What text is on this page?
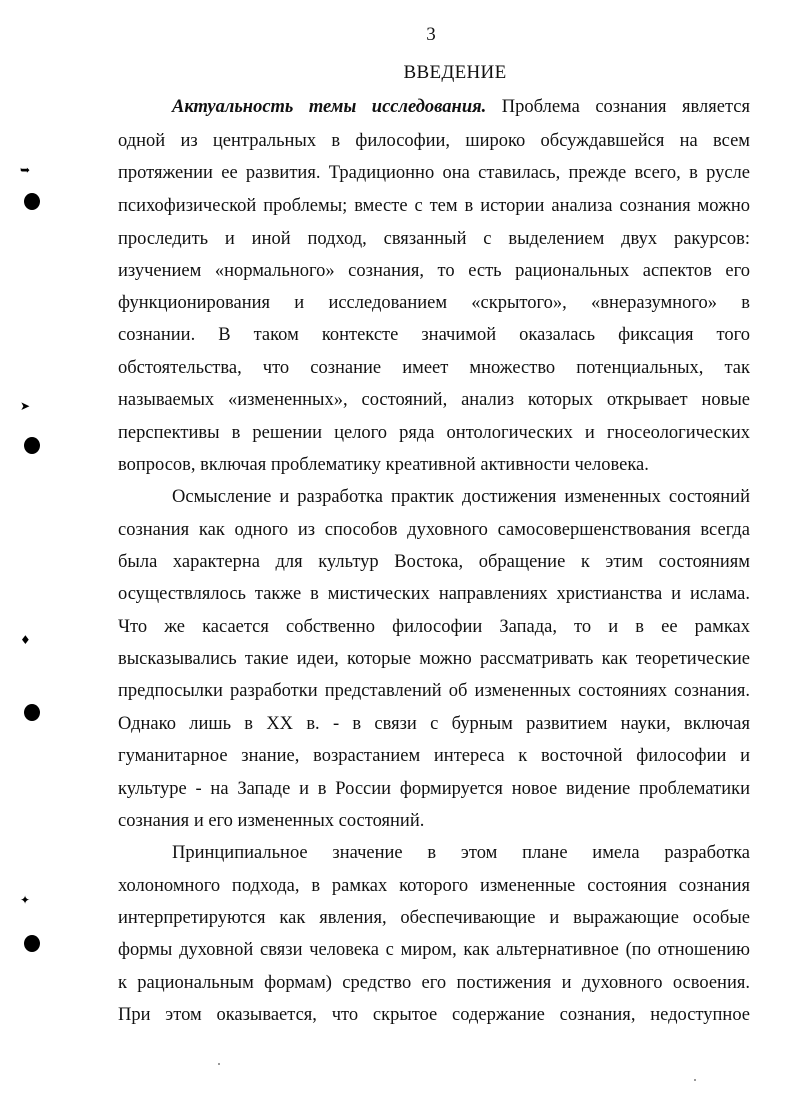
3
ВВЕДЕНИЕ
Актуальность темы исследования. Проблема сознания является
одной из центральных в философии, широко обсуждавшейся на всем
протяжении ее развития. Традиционно она ставилась, прежде всего, в русле
психофизической проблемы; вместе с тем в истории анализа сознания можно
проследить и иной подход, связанный с выделением двух ракурсов:
изучением «нормального» сознания, то есть рациональных аспектов его
функционирования и исследованием «скрытого», «внеразумного» в
сознании. В таком контексте значимой оказалась фиксация того
обстоятельства, что сознание имеет множество потенциальных, так
называемых «измененных», состояний, анализ которых открывает новые
перспективы в решении целого ряда онтологических и гносеологических
вопросов, включая проблематику креативной активности человека.
Осмысление и разработка практик достижения измененных состояний
сознания как одного из способов духовного самосовершенствования всегда
была характерна для культур Востока, обращение к этим состояниям
осуществлялось также в мистических направлениях христианства и ислама.
Что же касается собственно философии Запада, то и в ее рамках
высказывались такие идеи, которые можно рассматривать как теоретические
предпосылки разработки представлений об измененных состояниях сознания.
Однако лишь в XX в. - в связи с бурным развитием науки, включая
гуманитарное знание, возрастанием интереса к восточной философии и
культуре - на Западе и в России формируется новое видение проблематики
сознания и его измененных состояний.
Принципиальное значение в этом плане имела разработка
холономного подхода, в рамках которого измененные состояния сознания
интерпретируются как явления, обеспечивающие и выражающие особые
формы духовной связи человека с миром, как альтернативное (по отношению
к рациональным формам) средство его постижения и духовного освоения.
При этом оказывается, что скрытое содержание сознания, недоступное
➥
➤
♦
✦
